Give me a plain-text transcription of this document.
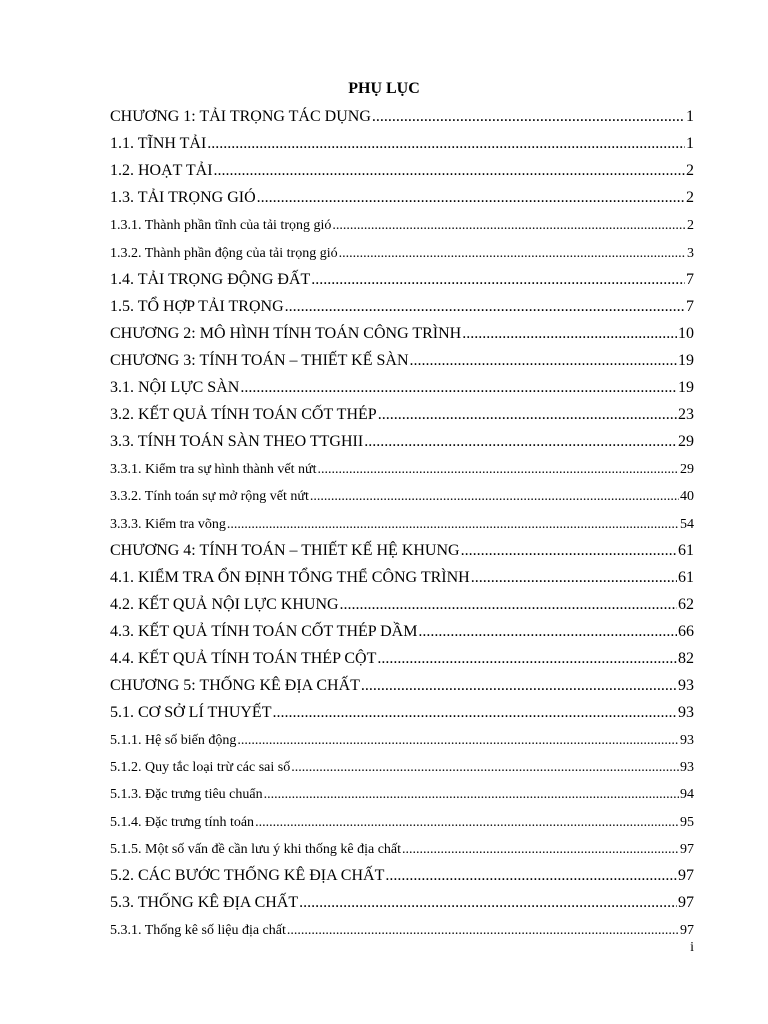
PHỤ LỤC
CHƯƠNG 1: TẢI TRỌNG TÁC DỤNG .....	1
1.1. TĨNH TẢI .....	1
1.2. HOẠT TẢI .....	2
1.3. TẢI TRỌNG GIÓ .....	2
1.3.1. Thành phần tĩnh của tải trọng gió .....	2
1.3.2. Thành phần động của tải trọng gió .....	3
1.4. TẢI TRỌNG ĐỘNG ĐẤT .....	7
1.5. TỔ HỢP TẢI TRỌNG .....	7
CHƯƠNG 2: MÔ HÌNH TÍNH TOÁN CÔNG TRÌNH .....	10
CHƯƠNG 3: TÍNH TOÁN – THIẾT KẾ SÀN .....	19
3.1. NỘI LỰC SÀN .....	19
3.2. KẾT QUẢ TÍNH TOÁN CỐT THÉP .....	23
3.3. TÍNH TOÁN SÀN THEO TTGHII .....	29
3.3.1. Kiểm tra sự hình thành vết nứt .....	29
3.3.2. Tính toán sự mở rộng vết nứt .....	40
3.3.3. Kiểm tra võng .....	54
CHƯƠNG 4: TÍNH TOÁN – THIẾT KẾ HỆ KHUNG .....	61
4.1. KIỂM TRA ỔN ĐỊNH TỔNG THỂ CÔNG TRÌNH .....	61
4.2. KẾT QUẢ NỘI LỰC KHUNG .....	62
4.3. KẾT QUẢ TÍNH TOÁN CỐT THÉP DẦM .....	66
4.4. KẾT QUẢ TÍNH TOÁN THÉP CỘT .....	82
CHƯƠNG 5: THỐNG KÊ ĐỊA CHẤT .....	93
5.1. CƠ SỞ LÍ THUYẾT .....	93
5.1.1. Hệ số biến động .....	93
5.1.2. Quy tắc loại trừ các sai số .....	93
5.1.3. Đặc trưng tiêu chuẩn .....	94
5.1.4. Đặc trưng tính toán .....	95
5.1.5. Một số vấn đề cần lưu ý khi thống kê địa chất .....	97
5.2. CÁC BƯỚC THỐNG KÊ ĐỊA CHẤT .....	97
5.3. THỐNG KÊ ĐỊA CHẤT .....	97
5.3.1. Thống kê số liệu địa chất .....	97
i
